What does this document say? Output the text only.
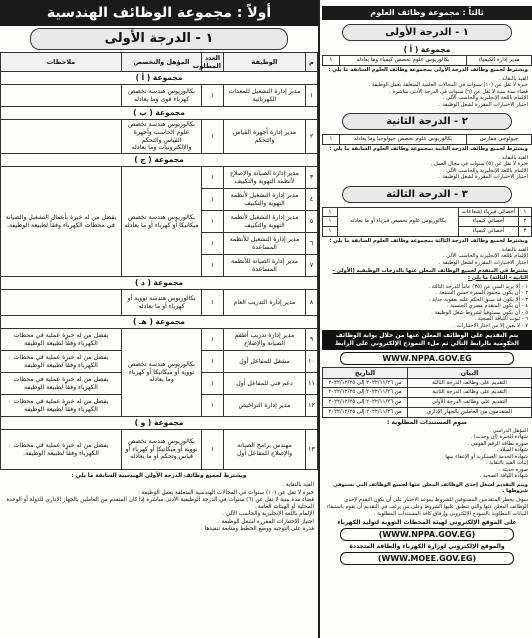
ثالثاً : مجموعة وظائف العلوم
١ - الدرجة الأولى
مجموعة ( أ )
مدير إدارة الكيمياء	بكالوريوس علوم تخصص كيمياء وما يعادله	١
ويشترط لجميع وظائف الدرجة الأولى بمجموعة وظائف العلوم السابقة ما يلي :
القيد بالنقابة .
خبرة لا تقل عن (١٠) سنوات في المجالات العلمية المتعلقة بعمل الوظيفة .
قضاء مدة بينية لا تقل عن (٦) سنوات في الدرجة الأدنى مباشرة .
الإلمام باللغة الإنجليزية والحاسب الآلي .
اجتياز الاختبارات المقررة لشغل الوظيفة .
٢ - الدرجة الثانية
جيولوجي ممارس	بكالوريوس علوم تخصص جيولوجيا وما يعادله	١
ويشترط لجميع وظائف الدرجة الثانية بمجموعة وظائف العلوم السابقة ما يلي :
القيد بالنقابة .
خبرة لا تقل عن (٥) سنوات في مجال العمل .
الإلمام باللغة الإنجليزية والحاسب الآلي .
اجتياز الاختبارات المقررة لشغل الوظيفة .
٣ - الدرجة الثالثة
١	أخصائي فيزياء إشعاعات	بكالوريوس علوم تخصص فيزياء أو ما يعادله	١
٢	أخصائي كيمياء		١
٣	أخصائي كيمياء		١
ويشترط لجميع وظائف الدرجة الثالثة بمجموعة وظائف العلوم السابقة ما يلي :
القيد بالنقابة .
الإلمام باللغة الإنجليزية والحاسب الآلي .
اجتياز الاختبارات المقررة لشغل الوظيفة .
يشترط في المتقدم لجميع الوظائف المعلن عنها بالدرجات الوظيفية (الأولى - الثانية - الثالثة) ما يلي :
١ - ألا يزيد السن عن (٣٥) عاماً للدرجة الثالثة .
٢ - أن يكون محمود السيرة حسن السمعة .
٣ - ألا يكون قد سبق الحكم عليه بعقوبة جناية .
٤ - أن يكون المتقدم مصري الجنسية .
٥ - أن يكون مستوفياً لشروط شغل الوظيفة .
٦ - ثبوت اللياقة الصحية .
٧ - لا يعين إلا من اجتاز الاختبارات .
يتم التقديم على الوظائف المعلن عنها من خلال بوابة الوظائف الحكومية بالرابط التالي ثم ملء النموذج الإلكتروني على الرابط
WWW.NPPA.GOV.EG
البيان	التاريخ
التقديم على وظائف الدرجة الثالثة	من ٢٠٢٢/١١/٢٦ إلى ٢٠٢٢/١٢/٢٥
التقديم على وظائف الدرجة الثانية	من ٢٠٢٢/١١/٢٦ إلى ٢٠٢٢/١٢/٢٥
التقديم على وظائف الدرجة الأولى	من ٢٠٢٢/١١/٢٦ إلى ٢٠٢٢/١٢/٢٥
المتقدمون من العاملين بالجهاز الإداري	من ٢٠٢٢/١١/٢٦ إلى ٢٠٢٢/١٢/٢٥
سوم المستندات المطلوبة :
المؤهل الدراسي .
شهادة الخبرة (إن وجدت) .
صورة بطاقة الرقم القومي .
شهادة الميلاد .
شهادة الخدمة العسكرية أو الإعفاء منها .
إثبات القيد بالنقابة .
صورة حديثة .
شهادة اللياقة الصحية .
ويتم التقديم لشغل إحدى الوظائف المعلن عنها لجميع الوظائف التي تستوفي شروطها .
سوف يخطر المتقدمين المستوفين للشروط بموعد الاختبار على أن يكون التقدم لإحدى الوظائف المعلن عنها والتي تنطبق عليها الشروط وعلى من يرغب في التقديم أن يقوم باستيفاء البيانات المطلوبة بالنموذج الإلكتروني وإرفاق كافة المستندات المطلوبة .
على الموقع الإلكتروني لهيئة المحطات النووية لتوليد الكهرباء
(WWW.NPPA.GOV.EG)
والموقع الإلكتروني لوزارة الكهرباء والطاقة المتجددة
(WWW.MOEE.GOV.EG)
أولاً : مجموعة الوظائف الهندسية
١ - الدرجة الأولى
م	الوظيفة	العدد المطلوب	المؤهل والتخصص	ملاحظات
مجموعة ( أ )				
١	مدير إدارة التشغيل للمعدات الكهربائية	١	بكالوريوس هندسة تخصص كهرباء قوى وما يعادله	
مجموعة ( ب )				
٢	مدير إدارة أجهزة القياس والتحكم	١	بكالوريوس هندسة تخصص علوم الحاسب وأجهزة القياس والتحكم والإلكترونيات وما يعادله	
مجموعة ( ج )				
٣	مدير إدارة الصيانة والإصلاح لأنظمة التهوية والتكييف	١	بكالوريوس هندسة تخصص ميكانيكا أو كهرباء أو ما يعادله	يفضل من له خبرة بأعمال التشغيل والصيانة في محطات الكهرباء وفقاً لطبيعة الوظيفة.
٤	مدير إدارة التشغيل لأنظمة التهوية والتكييف	١		
٥	مدير إدارة التشغيل لأنظمة التهوية والتكييف	١		
٦	مدير إدارة التشغيل للأنظمة المساعدة	١		
٧	مدير إدارة الصيانة للأنظمة المساعدة	١		
مجموعة ( د )				
٨	مدير إدارة التدريب العام	١	بكالوريوس هندسة نووية أو كهرباء أو ما يعادله	
مجموعة ( هـ )				
٩	مدير إدارة تدريب أطقم الصيانة والإصلاح	١	بكالوريوس هندسة تخصص نووية أو ميكانيكا أو كهرباء وما يعادله	يفضل من له خبرة عملية في محطات الكهرباء وفقاً لطبيعة الوظيفة
١٠	مشغل للمفاعل أول	١		يفضل من له خبرة عملية في محطات الكهرباء وفقاً لطبيعة الوظيفة
١١	دعم فني للمفاعل أول	١		يفضل من له خبرة عملية في محطات الكهرباء وفقاً لطبيعة الوظيفة
١٢	مدير إدارة التراخيص	١		يفضل من له خبرة عملية في محطات الكهرباء وفقاً لطبيعة الوظيفة
مجموعة ( و )				
١٣	مهندس برامج الصيانة والإصلاح للمفاعل أول	١	بكالوريوس هندسة تخصص نووية أو ميكانيكا أو كهرباء أو قياس وتحكم أو ما يعادله	يفضل من له خبرة عملية في محطات الكهرباء وفقاً لطبيعة الوظيفة.
ويشترط لجميع وظائف الدرجة الأولى الهندسية السابقة ما يلي :
القيد بالنقابة .
خبرة لا تقل عن (١٠) سنوات في المجالات الهندسية المتعلقة بعمل الوظيفة .
قضاء مدة بينية لا تقل عن (٦) سنوات في الدرجة الوظيفية الأدنى مباشرة إذا كان المتقدم من العاملين بالجهاز الإداري للدولة أو الوحدة المحلية أو الهيئات العامة .
الإلمام باللغة الإنجليزية والحاسب الآلي .
اجتياز الاختبارات المقررة لشغل الوظيفة .
قدرة على التوجيه ووضع الخطط ومتابعة تنفيذها .
